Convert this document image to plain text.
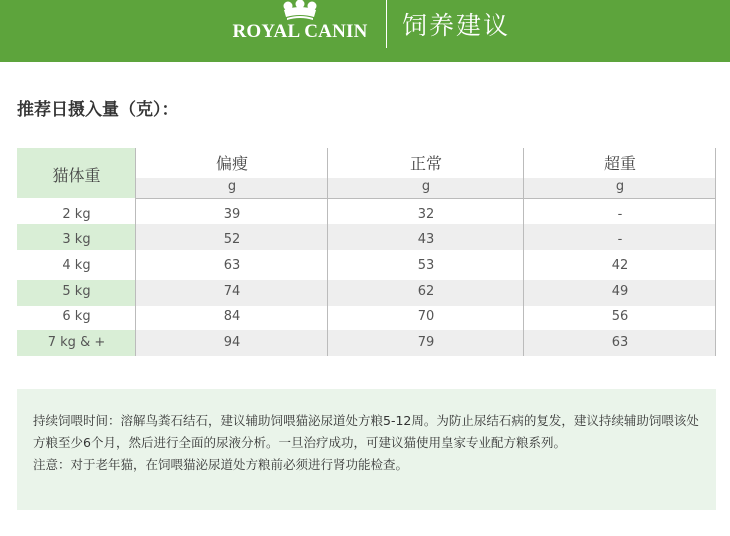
ROYAL CANIN 饲养建议
推荐日摄入量（克）：
猫体重
偏瘦	正常	超重
g	g	g
2 kg	39	32	-
3 kg	52	43	-
4 kg	63	53	42
5 kg	74	62	49
6 kg	84	70	56
7 kg & +	94	79	63

持续饲喂时间：溶解鸟粪石结石，建议辅助饲喂猫泌尿道处方粮5-12周。为防止尿结石病的复发，建议持续辅助饲喂该处方粮至少6个月，然后进行全面的尿液分析。一旦治疗成功，可建议猫使用皇家专业配方粮系列。

注意：对于老年猫，在饲喂猫泌尿道处方粮前必须进行肾功能检查。
